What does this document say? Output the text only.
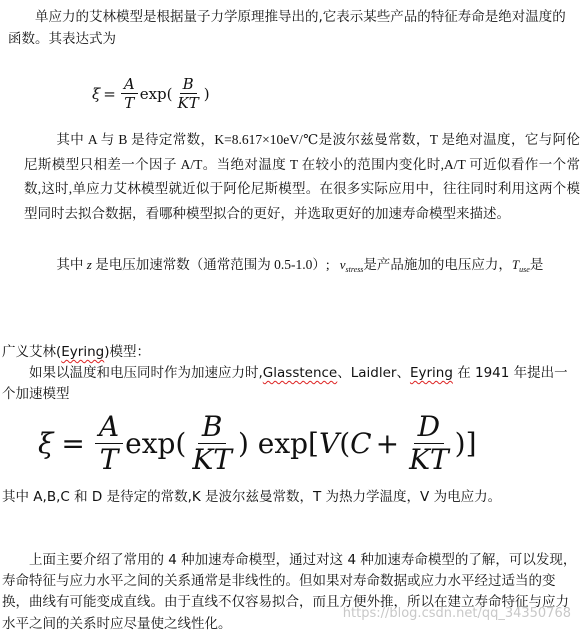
单应力的艾林模型是根据量子力学原理推导出的,它表示某些产品的特征寿命是绝对温度的函数。其表达式为

$\xi = \frac{A}{T} \exp( \frac{B}{KT}$ )

其中 A 与 B 是待定常数，K=8.617×10eV/℃是波尔兹曼常数，T 是绝对温度，它与阿伦尼斯模型只相差一个因子 A/T。当绝对温度 T 在较小的范围内变化时,A/T 可近似看作一个常数,这时,单应力艾林模型就近似于阿伦尼斯模型。在很多实际应用中，往往同时利用这两个模型同时去拟合数据，看哪种模型拟合的更好，并选取更好的加速寿命模型来描述。

其中 z 是电压加速常数（通常范围为 0.5-1.0）; $v_{stress}$是产品施加的电压应力，$T_{use}$是

广义艾林(Eyring)模型：

如果以温度和电压同时作为加速应力时,Glasstence、Laidler、Eyring 在 1941 年提出一

个加速模型

$\xi = \frac{A}{T} \exp( \frac{B}{KT}$ ) exp[ V ( $C + \frac{D}{KT}$ )]

其中 A,B,C 和 D 是待定的常数,K 是波尔兹曼常数，T 为热力学温度，V 为电应力。

上面主要介绍了常用的 4 种加速寿命模型，通过对这 4 种加速寿命模型的了解，可以发现，寿命特征与应力水平之间的关系通常是非线性的。但如果对寿命数据或应力水平经过适当的变换，曲线有可能变成直线。由于直线不仅容易拟合，而且方便外推，所以在建立寿命特征与应力水平之间的关系时应尽量使之线性化。

https://blog.csdn.net/qq_34350768
